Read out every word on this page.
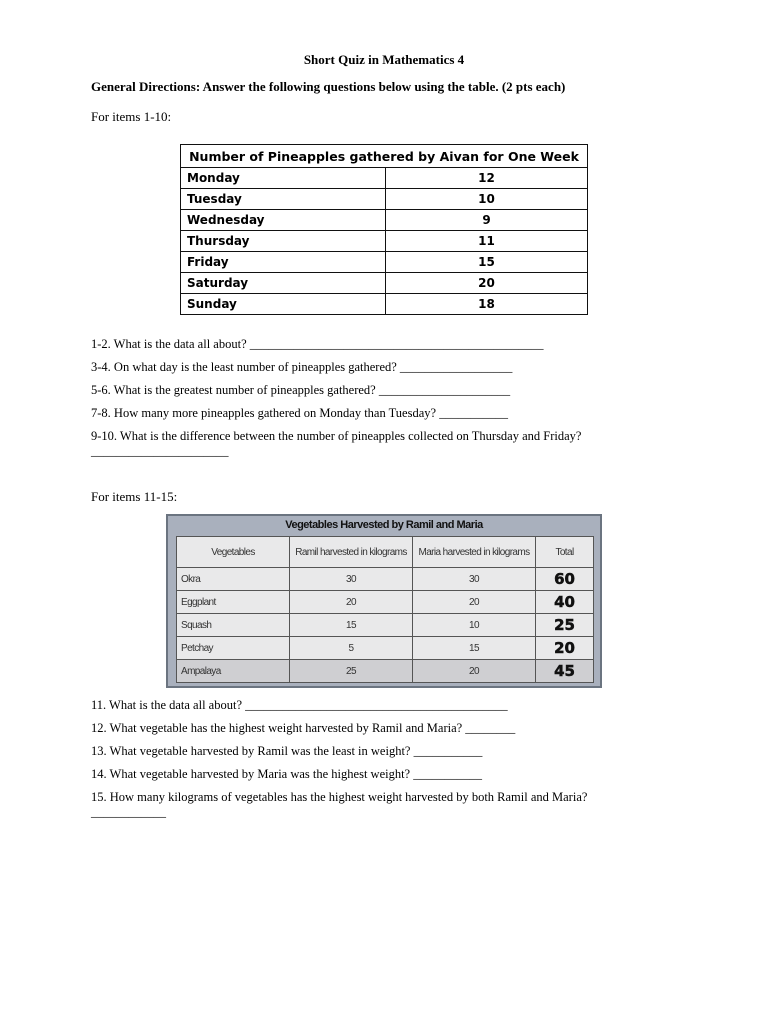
Short Quiz in Mathematics 4
General Directions: Answer the following questions below using the table. (2 pts each)
For items 1-10:
Number of Pineapples gathered by Aivan for One Week	
Monday	12
Tuesday	10
Wednesday	9
Thursday	11
Friday	15
Saturday	20
Sunday	18
1-2. What is the data all about? _______________________________________________
3-4. On what day is the least number of pineapples gathered? __________________
5-6. What is the greatest number of pineapples gathered? _____________________
7-8. How many more pineapples gathered on Monday than Tuesday? ___________
9-10. What is the difference between the number of pineapples collected on Thursday and Friday? ______________________
For items 11-15:
Vegetables Harvested by Ramil and Maria
Vegetables	Ramil harvested in kilograms	Maria harvested in kilograms	Total
Okra	30	30	60
Eggplant	20	20	40
Squash	15	10	25
Petchay	5	15	20
Ampalaya	25	20	45
11. What is the data all about? __________________________________________
12. What vegetable has the highest weight harvested by Ramil and Maria? ________
13. What vegetable harvested by Ramil was the least in weight? ___________
14. What vegetable harvested by Maria was the highest weight? ___________
15. How many kilograms of vegetables has the highest weight harvested by both Ramil and Maria? ____________
